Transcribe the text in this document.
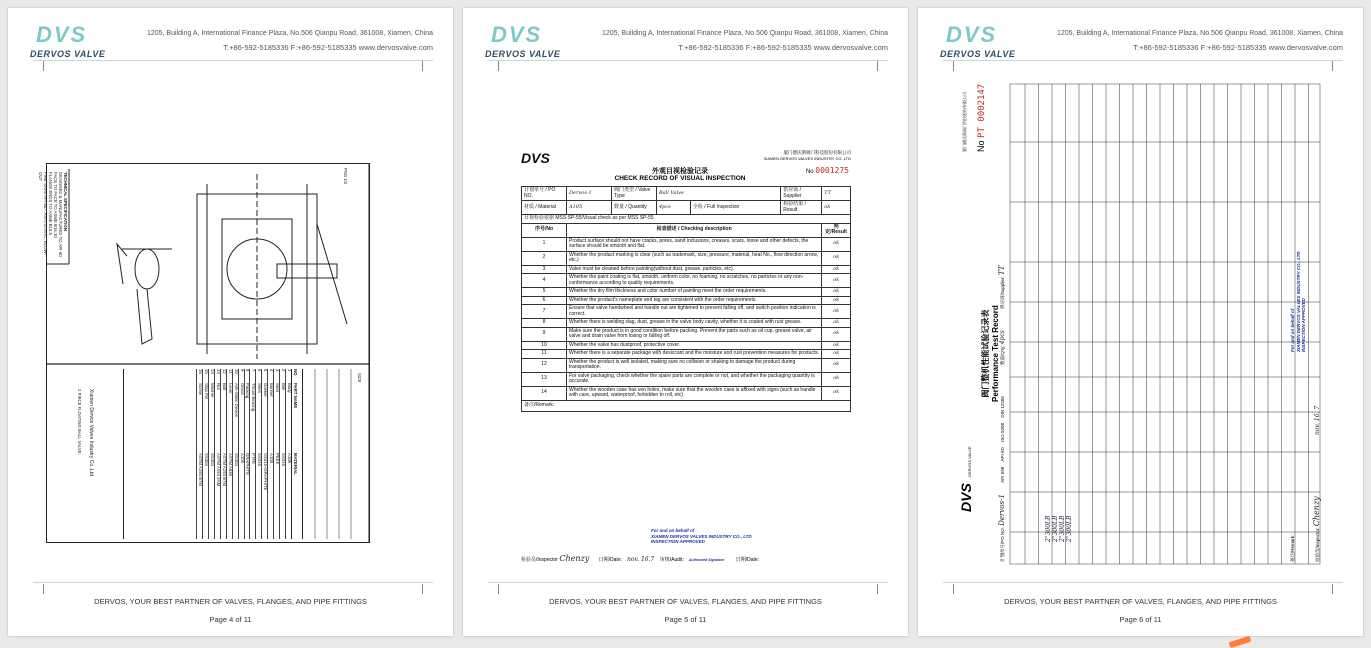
DVS
DERVOS VALVE
1205, Building A, International Finance Plaza, No.506 Qianpu Road, 361008, Xiamen, China
T:+86-592-5185336 F:+86-592-5185335 www.dervosvalve.com
PSG 1/2
TECHNICAL SPECIFICATION
DESIGNED & MANUFACTURED TO API 6D
FACE TO FACE TO ASME B16.10
FLANGE ENDS TO ASME B16.5
FIRE SAFE API 607, ANTI-STATIC, BLOW-OUT
NO
PART NAME
MATERIAL
1
Body
A105
2
Ball
SS316
3
Seat
PEEK
4
Bonnet
A105
5
Gasket
SS316+GRAPHITE
6
Stem
SS316
7
Thrust Bearing
PTFE
8
Packing
GRAPHITE
9
Gland
A105
10
Anti-Static Device
SS304
11
Lever
ASTM A536
12
Bolt
ASTM A193 B7M
13
Nut
ASTM A194 2HM
14
Washer
SS304
15
Stop Pin
SS304
16
Screw
ASTM A193 B7M
SIZE
Xiamen Dervos Valves Industry Co.,Ltd
2 PIECE FLOATING BALL VALVE
DERVOS, YOUR BEST PARTNER OF VALVES, FLANGES, AND PIPE FITTINGS
Page 4 of 11
DVS
DERVOS VALVE
1205, Building A, International Finance Plaza, No.506 Qianpu Road, 361008, Xiamen, China
T:+86-592-5185336 F:+86-592-5185335 www.dervosvalve.com
DVS
外观目视检验记录
CHECK RECORD OF VISUAL INSPECTION
厦门德沃斯阀门科技股份有限公司
XIAMEN DERVOS VALVES INDUSTRY CO.,LTD
No 0001275
计划单号 / PO NO.	Dervos-1	阀门类型 / Valve Type	Ball Valve		供应商 / Supplier	TT
材质 / Material	A105	数量 / Quantity	4pcs	全检 / Full Inspection	检验结果 / Result	ok
目视检验依据 MSS SP-55/Visual check as per MSS SP-55						
序号/No	检查描述 / Checking description					判定/Result
1	Product surface should not have cracks, pores, sand inclusions, creases, scars, loose and other defects, the surface should be smooth and flat.					ok
2	Whether the product marking is clear (such as trademark, size, pressure, material, heat No., flow direction arrow, etc.)					ok
3	Valve must be cleaned before painting(without dust, grease, particles, etc).					ok
4	Whether the paint coating is flat, smooth, uniform color, no foaming, no scratches, no particles or any non-conformance according to quality requirements.					ok
5	Whether the dry film thickness and color number of painting meet the order requirements.					ok
6	Whether the product's nameplate and tag are consistent with the order requirements.					ok
7	Ensure that valve handwheel and handle nut are tightened to prevent falling off, and switch position indication is correct.					ok
8	Whether there is welding slag, dust, grease in the valve body cavity, whether it is coated with rust grease.					ok
9	Make sure the product is in good condition before packing. Prevent the parts such as oil cup, grease valve, air valve and drain valve from losing or falling off.					ok
10	Whether the valve has dustproof, protective cover.					ok
11	Whether there is a separate package with desiccant and the moisture and rust prevention measures for products.					ok
12	Whether the product is well isolated, making sure no collision or shaking to damage the product during transportation.					ok
13	For valve packaging, check whether the spare parts are complete or not, and whether the packaging quantity is accurate.					ok
14	Whether the wooden case has ven holes, make sure that the wooden case is affixed with signs (such as handle with care, upward, waterproof, forbidden to roll, etc)					ok
备注/Remark：						
For and on behalf of
XIAMEN DERVOS VALVES INDUSTRY CO., LTD
INSPECTION APPROVED
检验员/Inspector Chenzy 日期/Date： nov. 16.7 审核/Audit： Authorized Signature 日期/Date：
DERVOS, YOUR BEST PARTNER OF VALVES, FLANGES, AND PIPE FITTINGS
Page 5 of 11
DVS
DERVOS VALVE
1205, Building A, International Finance Plaza, No.506 Qianpu Road, 361008, Xiamen, China
T:+86-592-5185336 F:+86-592-5185335 www.dervosvalve.com
DVS DERVOS VALVE
阀门整机性能试验记录表 Performance Test Record
厦门德沃斯阀门科技股份有限公司 No PT 0002147
计划单号/PO NO. Dervos-1 API 598 API 6D ISO 5208 DIN 12266 数量/Q'ty: 4pcs 供应商/Supplier: TT
2"300LB 2"300LB 2"300LB 2"300LB
For and on behalf of XIAMEN DERVOS VALVES INDUSTRY CO., LTD INSPECTION APPROVED
检验员/Inspector: Chenzy nov. 16. 7
备注/Remark：
DERVOS, YOUR BEST PARTNER OF VALVES, FLANGES, AND PIPE FITTINGS
Page 6 of 11
